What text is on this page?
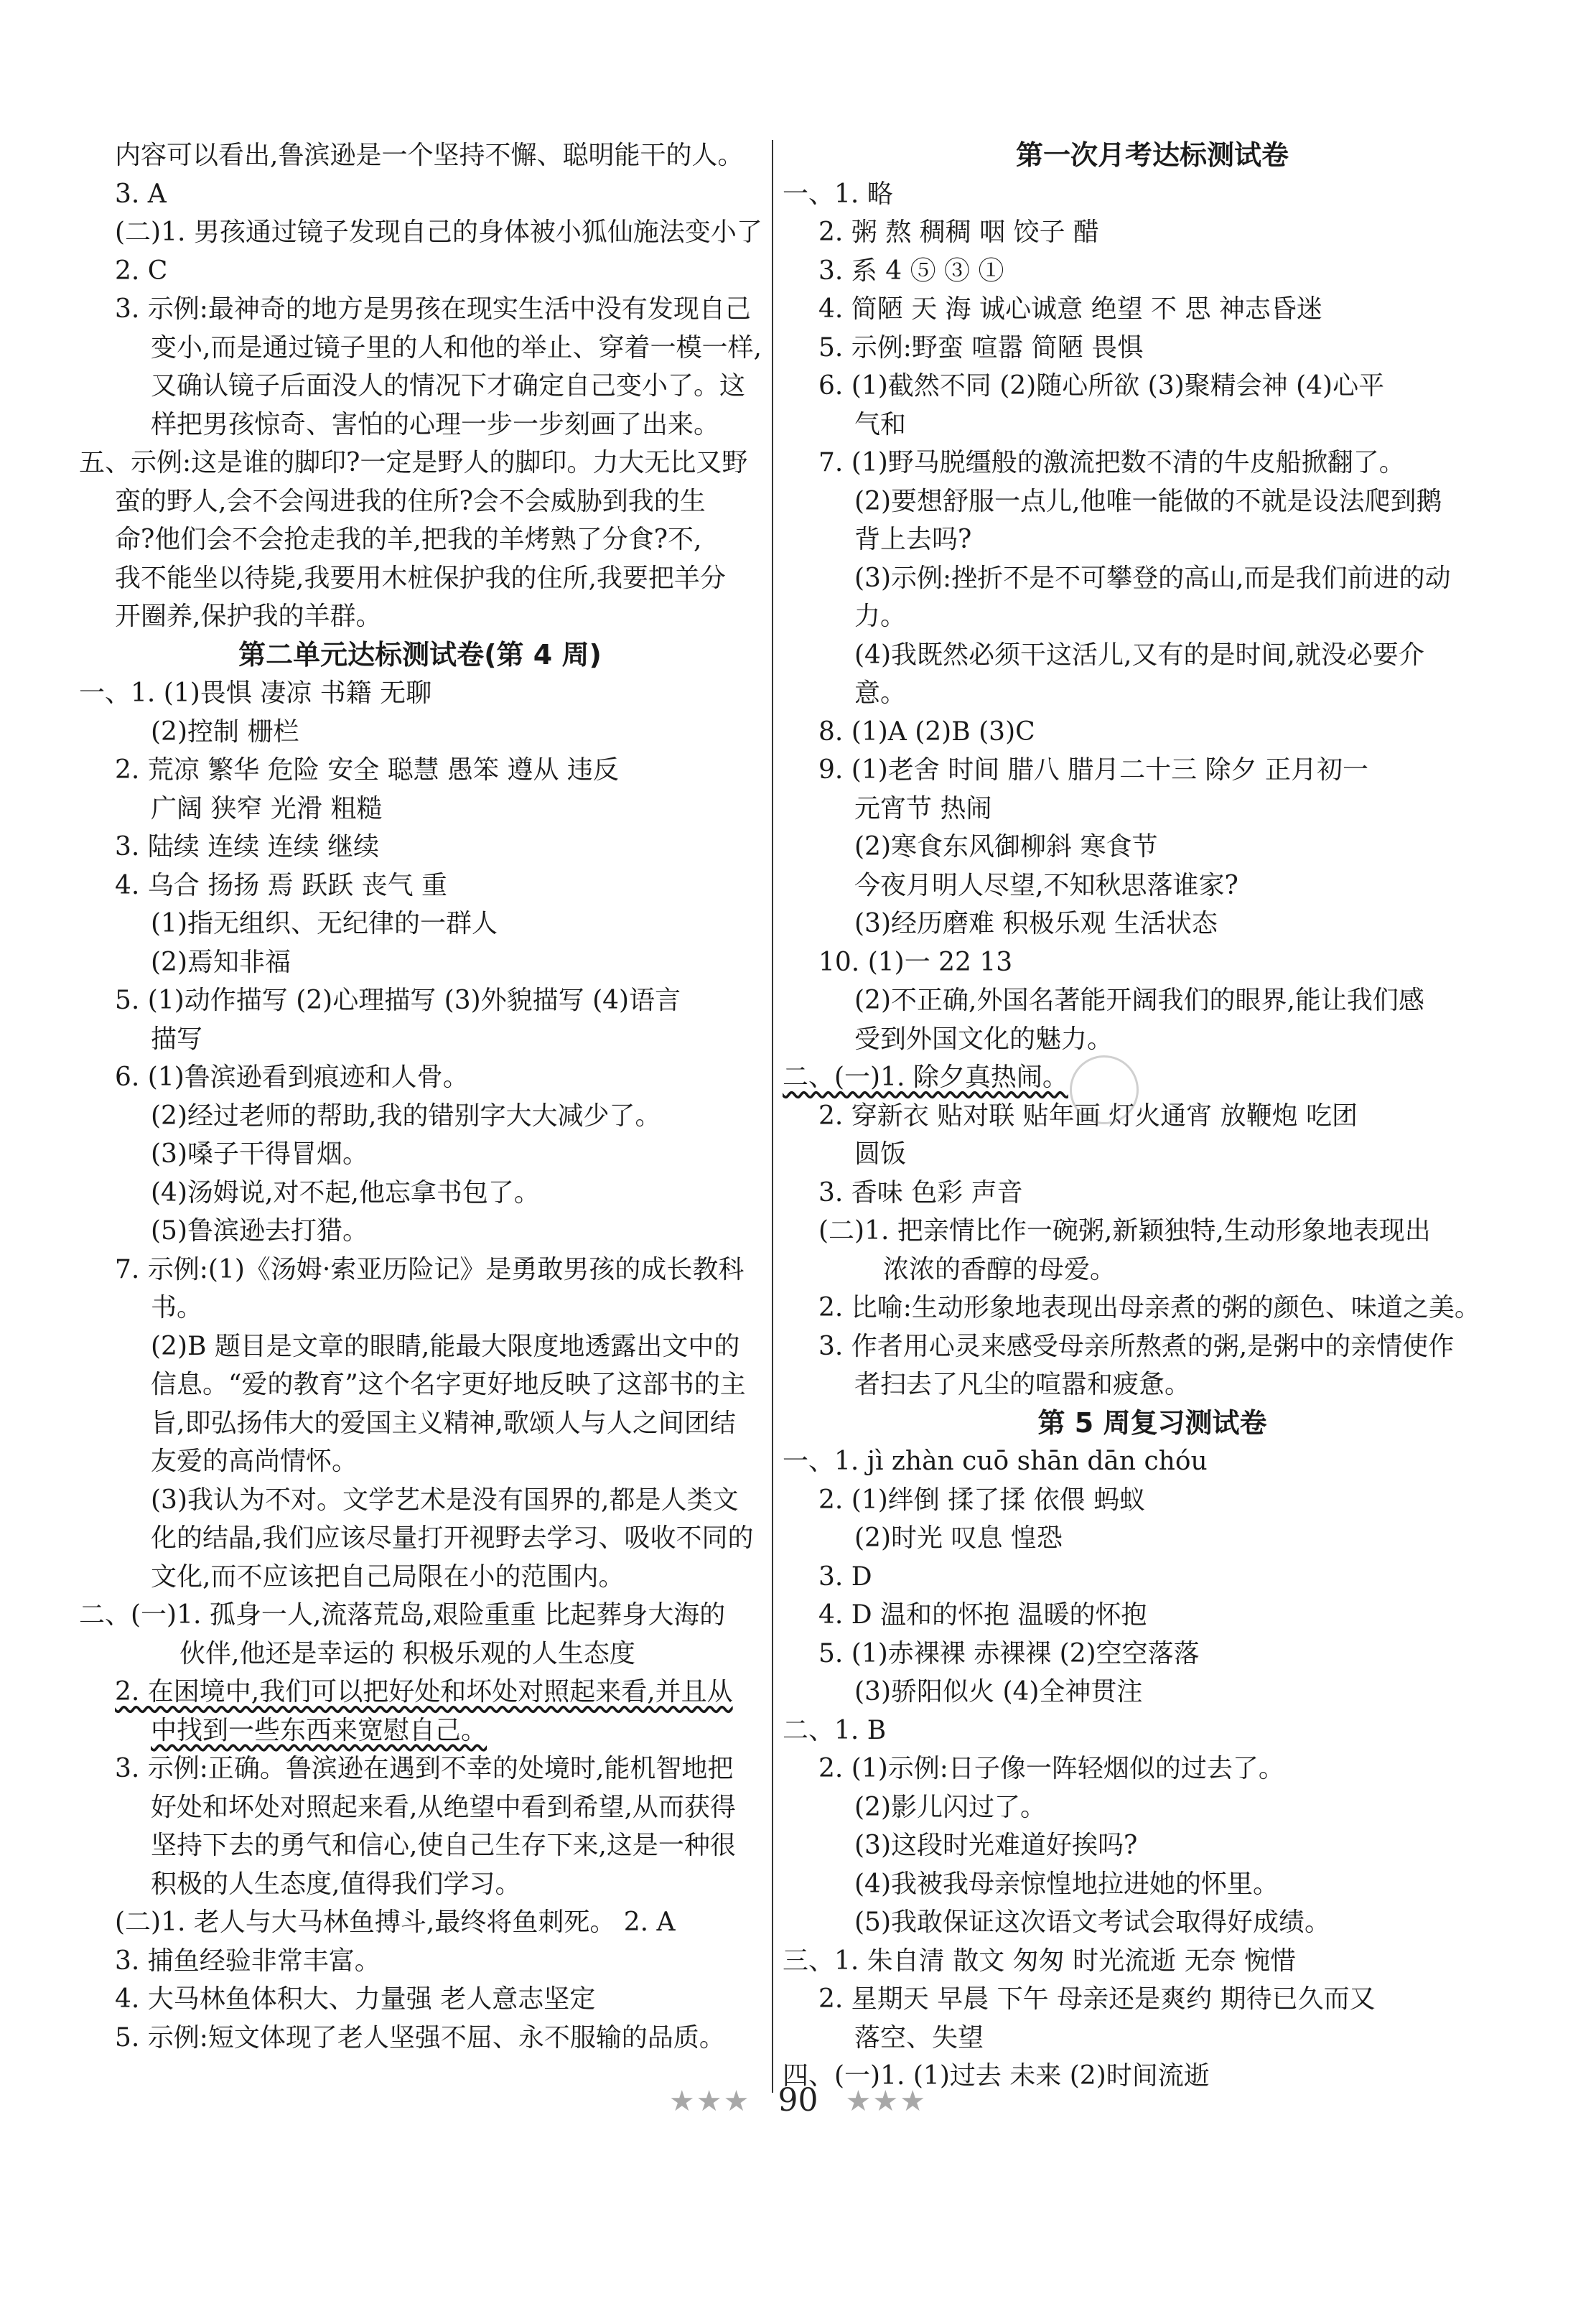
内容可以看出,鲁滨逊是一个坚持不懈、聪明能干的人。
3. A
(二)1. 男孩通过镜子发现自己的身体被小狐仙施法变小了
2. C
3. 示例:最神奇的地方是男孩在现实生活中没有发现自己
变小,而是通过镜子里的人和他的举止、穿着一模一样,
又确认镜子后面没人的情况下才确定自己变小了。这
样把男孩惊奇、害怕的心理一步一步刻画了出来。
五、示例:这是谁的脚印?一定是野人的脚印。力大无比又野
蛮的野人,会不会闯进我的住所?会不会威胁到我的生
命?他们会不会抢走我的羊,把我的羊烤熟了分食?不,
我不能坐以待毙,我要用木桩保护我的住所,我要把羊分
开圈养,保护我的羊群。
第二单元达标测试卷(第 4 周)
一、1. (1)畏惧 凄凉 书籍 无聊
(2)控制 栅栏
2. 荒凉 繁华 危险 安全 聪慧 愚笨 遵从 违反
广阔 狭窄 光滑 粗糙
3. 陆续 连续 连续 继续
4. 乌合 扬扬 焉 跃跃 丧气 重
(1)指无组织、无纪律的一群人
(2)焉知非福
5. (1)动作描写 (2)心理描写 (3)外貌描写 (4)语言
描写
6. (1)鲁滨逊看到痕迹和人骨。
(2)经过老师的帮助,我的错别字大大减少了。
(3)嗓子干得冒烟。
(4)汤姆说,对不起,他忘拿书包了。
(5)鲁滨逊去打猎。
7. 示例:(1)《汤姆·索亚历险记》是勇敢男孩的成长教科
书。
(2)B 题目是文章的眼睛,能最大限度地透露出文中的
信息。“爱的教育”这个名字更好地反映了这部书的主
旨,即弘扬伟大的爱国主义精神,歌颂人与人之间团结
友爱的高尚情怀。
(3)我认为不对。文学艺术是没有国界的,都是人类文
化的结晶,我们应该尽量打开视野去学习、吸收不同的
文化,而不应该把自己局限在小的范围内。
二、(一)1. 孤身一人,流落荒岛,艰险重重 比起葬身大海的
伙伴,他还是幸运的 积极乐观的人生态度
2. 在困境中,我们可以把好处和坏处对照起来看,并且从
中找到一些东西来宽慰自己。
3. 示例:正确。鲁滨逊在遇到不幸的处境时,能机智地把
好处和坏处对照起来看,从绝望中看到希望,从而获得
坚持下去的勇气和信心,使自己生存下来,这是一种很
积极的人生态度,值得我们学习。
(二)1. 老人与大马林鱼搏斗,最终将鱼刺死。 2. A
3. 捕鱼经验非常丰富。
4. 大马林鱼体积大、力量强 老人意志坚定
5. 示例:短文体现了老人坚强不屈、永不服输的品质。
第一次月考达标测试卷
一、1. 略
2. 粥 熬 稠稠 咽 饺子 醋
3. 系 4 ⑤ ③ ①
4. 简陋 天 海 诚心诚意 绝望 不 思 神志昏迷
5. 示例:野蛮 喧嚣 简陋 畏惧
6. (1)截然不同 (2)随心所欲 (3)聚精会神 (4)心平
气和
7. (1)野马脱缰般的激流把数不清的牛皮船掀翻了。
(2)要想舒服一点儿,他唯一能做的不就是设法爬到鹅
背上去吗?
(3)示例:挫折不是不可攀登的高山,而是我们前进的动
力。
(4)我既然必须干这活儿,又有的是时间,就没必要介
意。
8. (1)A (2)B (3)C
9. (1)老舍 时间 腊八 腊月二十三 除夕 正月初一
元宵节 热闹
(2)寒食东风御柳斜 寒食节
今夜月明人尽望,不知秋思落谁家?
(3)经历磨难 积极乐观 生活状态
10. (1)一 22 13
(2)不正确,外国名著能开阔我们的眼界,能让我们感
受到外国文化的魅力。
二、(一)1. 除夕真热闹。
2. 穿新衣 贴对联 贴年画 灯火通宵 放鞭炮 吃团
圆饭
3. 香味 色彩 声音
(二)1. 把亲情比作一碗粥,新颖独特,生动形象地表现出
浓浓的香醇的母爱。
2. 比喻:生动形象地表现出母亲煮的粥的颜色、味道之美。
3. 作者用心灵来感受母亲所熬煮的粥,是粥中的亲情使作
者扫去了凡尘的喧嚣和疲惫。
第 5 周复习测试卷
一、1. jì zhàn cuō shān dān chóu
2. (1)绊倒 揉了揉 依偎 蚂蚁
(2)时光 叹息 惶恐
3. D
4. D 温和的怀抱 温暖的怀抱
5. (1)赤裸裸 赤裸裸 (2)空空落落
(3)骄阳似火 (4)全神贯注
二、1. B
2. (1)示例:日子像一阵轻烟似的过去了。
(2)影儿闪过了。
(3)这段时光难道好挨吗?
(4)我被我母亲惊惶地拉进她的怀里。
(5)我敢保证这次语文考试会取得好成绩。
三、1. 朱自清 散文 匆匆 时光流逝 无奈 惋惜
2. 星期天 早晨 下午 母亲还是爽约 期待已久而又
落空、失望
四、(一)1. (1)过去 未来 (2)时间流逝
★★★ 90 ★★★
